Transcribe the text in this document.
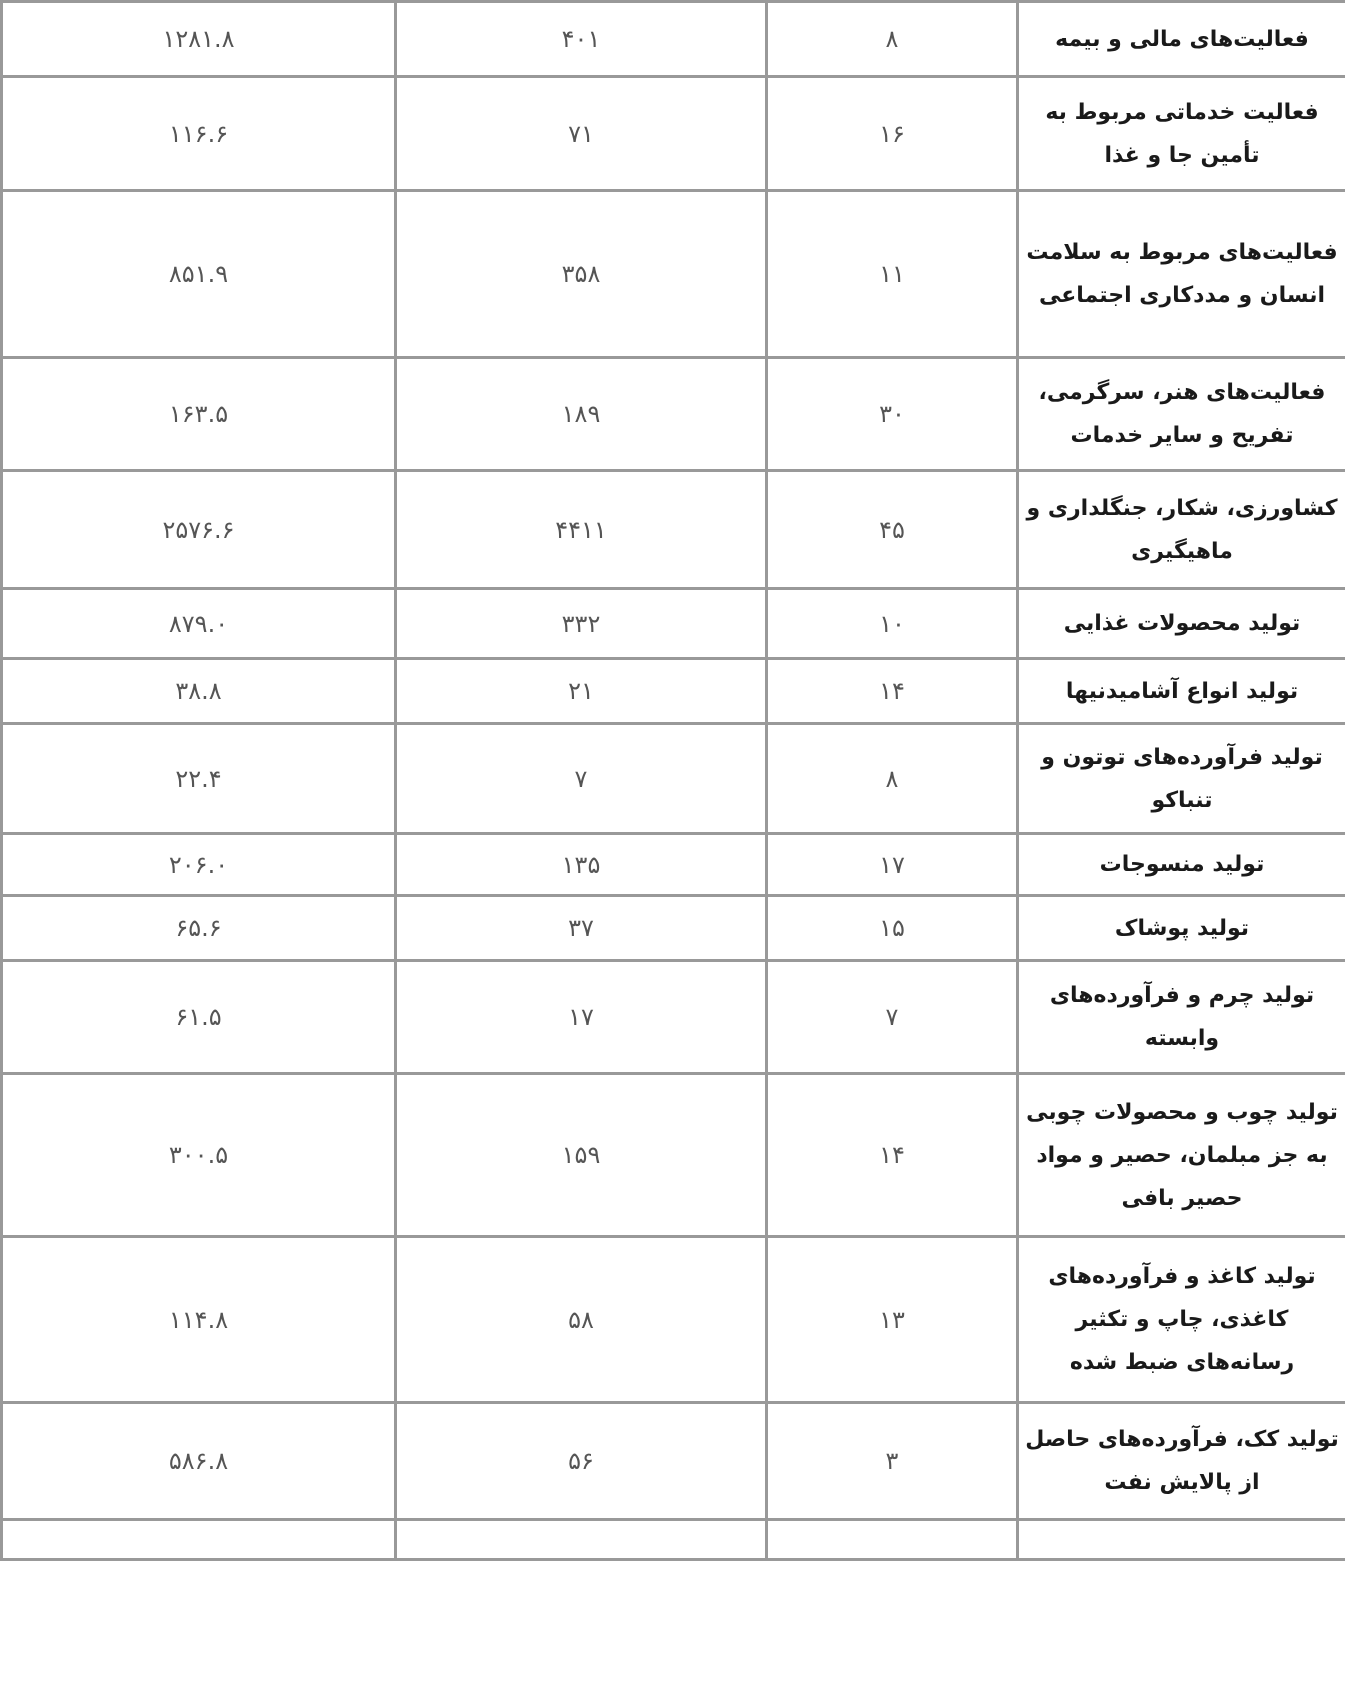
فعالیت‌های مالی و بیمه	۸	۴۰۱	۱۲۸۱.۸
فعالیت خدماتی مربوط به تأمین جا و غذا	۱۶	۷۱	۱۱۶.۶
فعالیت‌های مربوط به سلامت انسان و مددکاری اجتماعی	۱۱	۳۵۸	۸۵۱.۹
فعالیت‌های هنر، سرگرمی، تفریح و سایر خدمات	۳۰	۱۸۹	۱۶۳.۵
کشاورزی، شکار، جنگلداری و ماهیگیری	۴۵	۴۴۱۱	۲۵۷۶.۶
تولید محصولات غذایی	۱۰	۳۳۲	۸۷۹.۰
تولید انواع آشامیدنیها	۱۴	۲۱	۳۸.۸
تولید فرآورده‌های توتون و تنباکو	۸	۷	۲۲.۴
تولید منسوجات	۱۷	۱۳۵	۲۰۶.۰
تولید پوشاک	۱۵	۳۷	۶۵.۶
تولید چرم و فرآورده‌های وابسته	۷	۱۷	۶۱.۵
تولید چوب و محصولات چوبی به جز مبلمان، حصیر و مواد حصیر بافی	۱۴	۱۵۹	۳۰۰.۵
تولید کاغذ و فرآورده‌های کاغذی، چاپ و تکثیر رسانه‌های ضبط شده	۱۳	۵۸	۱۱۴.۸
تولید کک، فرآورده‌های حاصل از پالایش نفت	۳	۵۶	۵۸۶.۸
